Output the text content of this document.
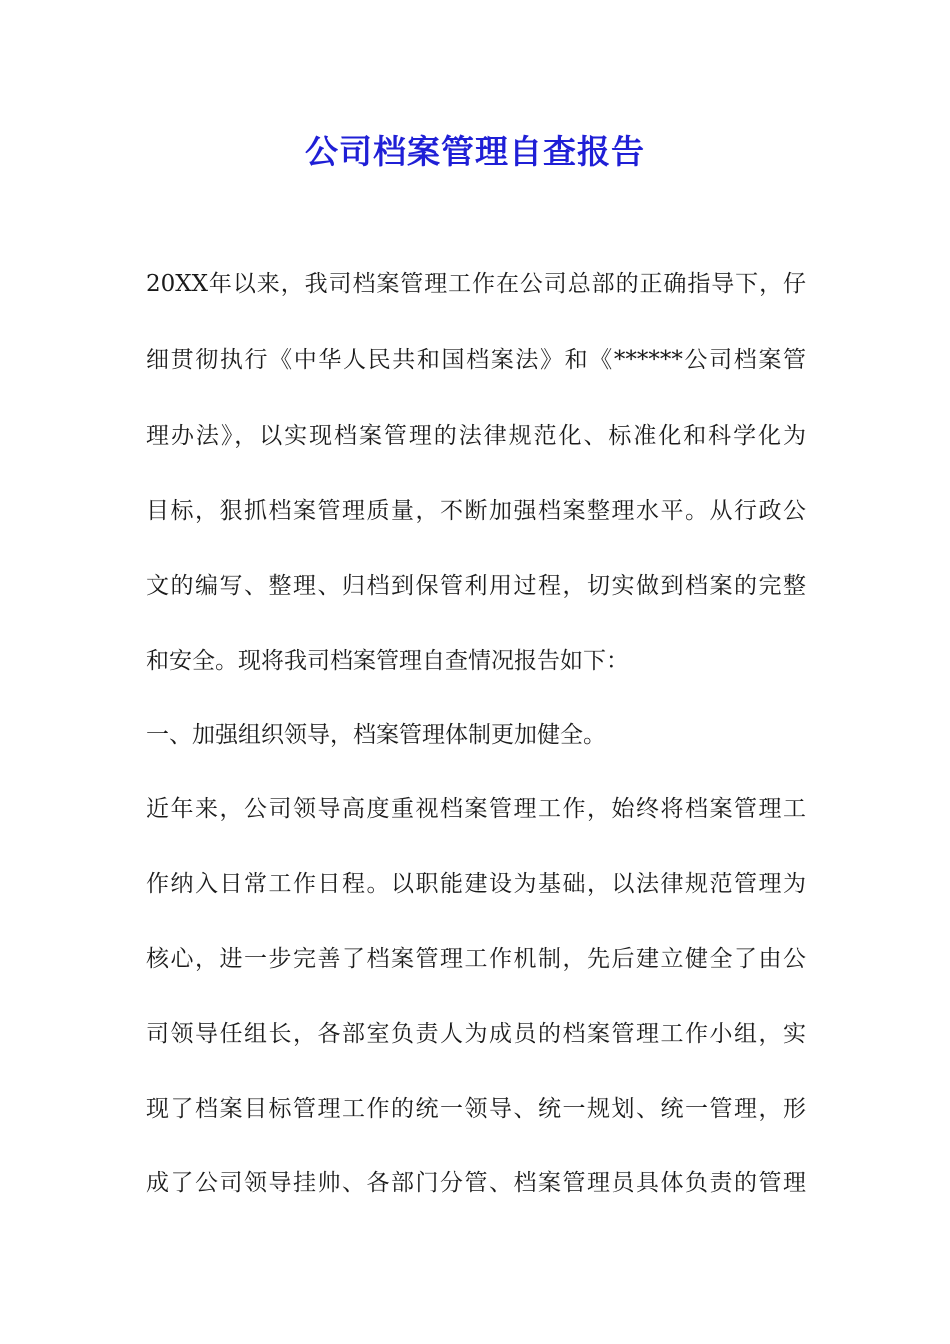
公司档案管理自查报告

20XX年以来，我司档案管理工作在公司总部的正确指导下，仔

细贯彻执行《中华人民共和国档案法》和《******公司档案管

理办法》，以实现档案管理的法律规范化、标准化和科学化为

目标，狠抓档案管理质量，不断加强档案整理水平。从行政公

文的编写、整理、归档到保管利用过程，切实做到档案的完整

和安全。现将我司档案管理自查情况报告如下：

一、加强组织领导，档案管理体制更加健全。

近年来，公司领导高度重视档案管理工作，始终将档案管理工

作纳入日常工作日程。以职能建设为基础，以法律规范管理为

核心，进一步完善了档案管理工作机制，先后建立健全了由公

司领导任组长，各部室负责人为成员的档案管理工作小组，实

现了档案目标管理工作的统一领导、统一规划、统一管理，形

成了公司领导挂帅、各部门分管、档案管理员具体负责的管理
